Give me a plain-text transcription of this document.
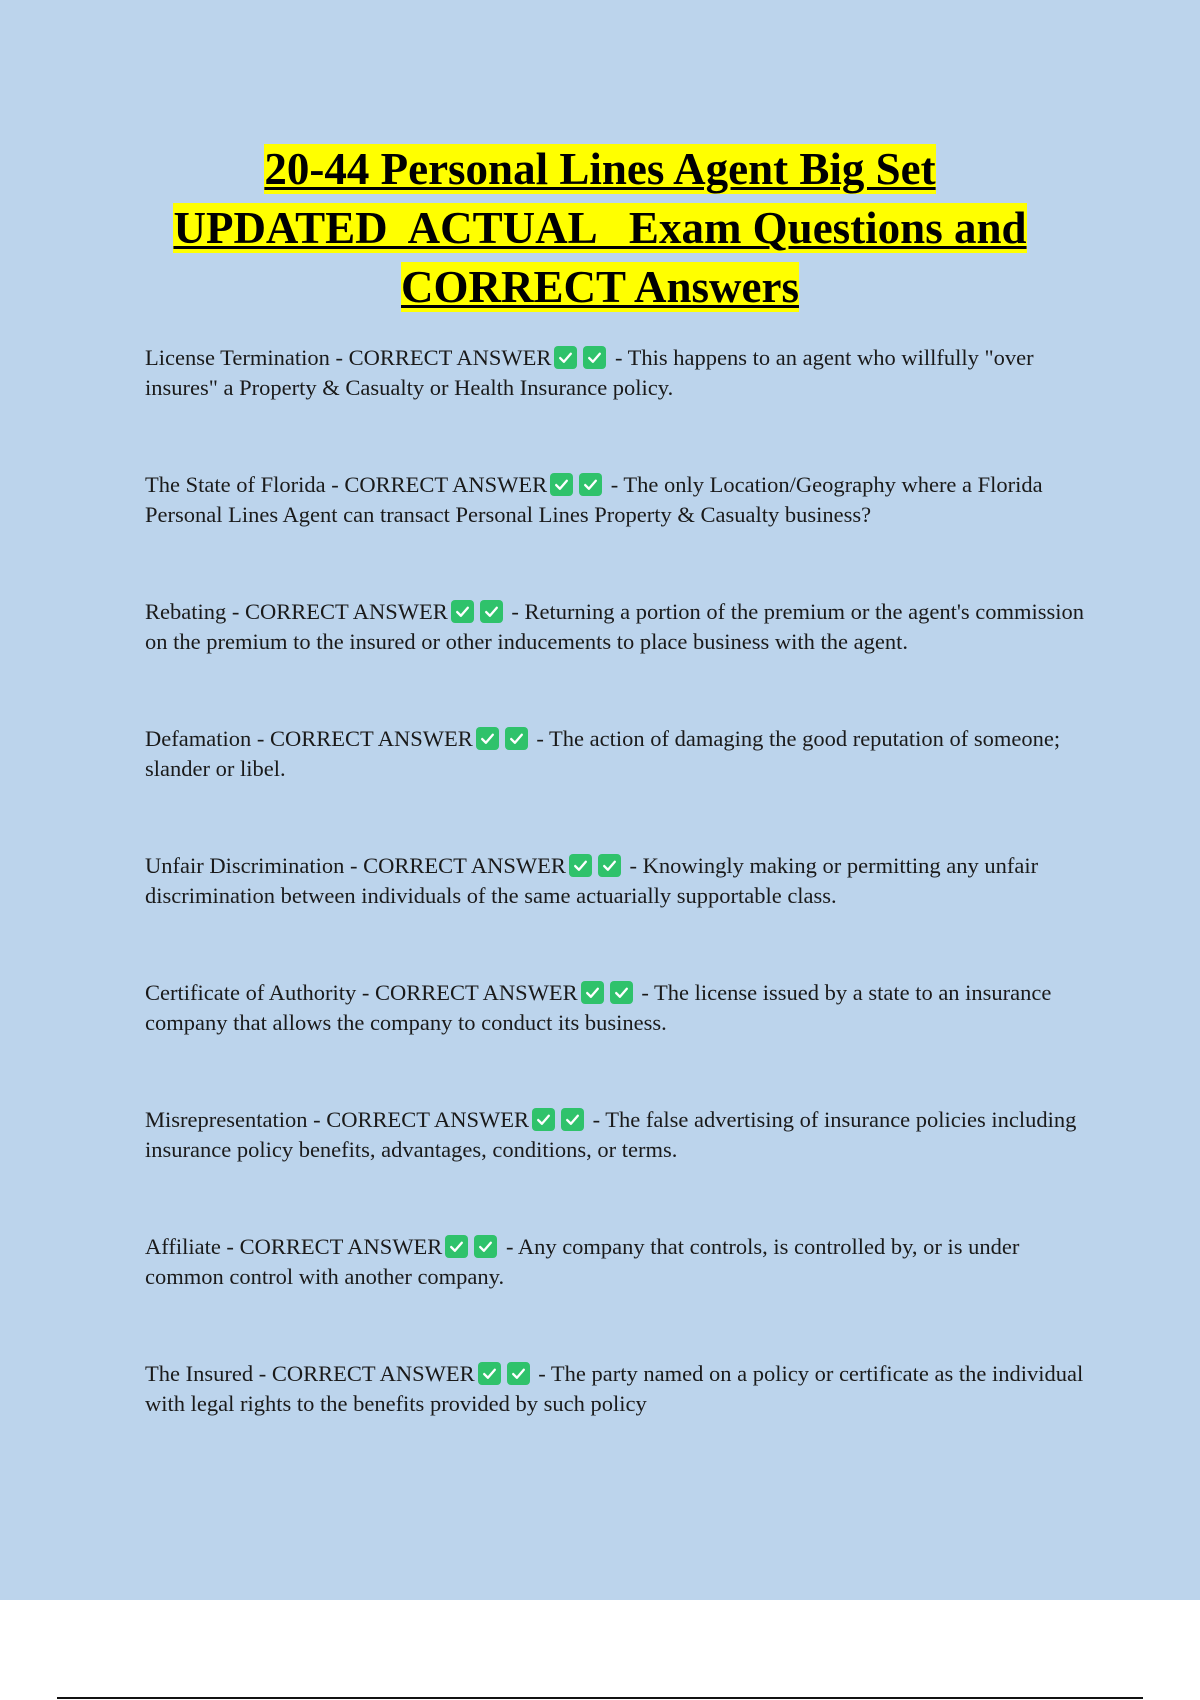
20-44 Personal Lines Agent Big Set
UPDATED  ACTUAL   Exam Questions and
CORRECT Answers
License Termination - CORRECT ANSWER	- This happens to an agent who willfully "over insures" a Property & Casualty or Health Insurance policy.
The State of Florida - CORRECT ANSWER	- The only Location/Geography where a Florida Personal Lines Agent can transact Personal Lines Property & Casualty business?
Rebating - CORRECT ANSWER	- Returning a portion of the premium or the agent's commission on the premium to the insured or other inducements to place business with the agent.
Defamation - CORRECT ANSWER	- The action of damaging the good reputation of someone; slander or libel.
Unfair Discrimination - CORRECT ANSWER	- Knowingly making or permitting any unfair discrimination between individuals of the same actuarially supportable class.
Certificate of Authority - CORRECT ANSWER	- The license issued by a state to an insurance company that allows the company to conduct its business.
Misrepresentation - CORRECT ANSWER	- The false advertising of insurance policies including insurance policy benefits, advantages, conditions, or terms.
Affiliate - CORRECT ANSWER	- Any company that controls, is controlled by, or is under common control with another company.
The Insured - CORRECT ANSWER	- The party named on a policy or certificate as the individual with legal rights to the benefits provided by such policy
